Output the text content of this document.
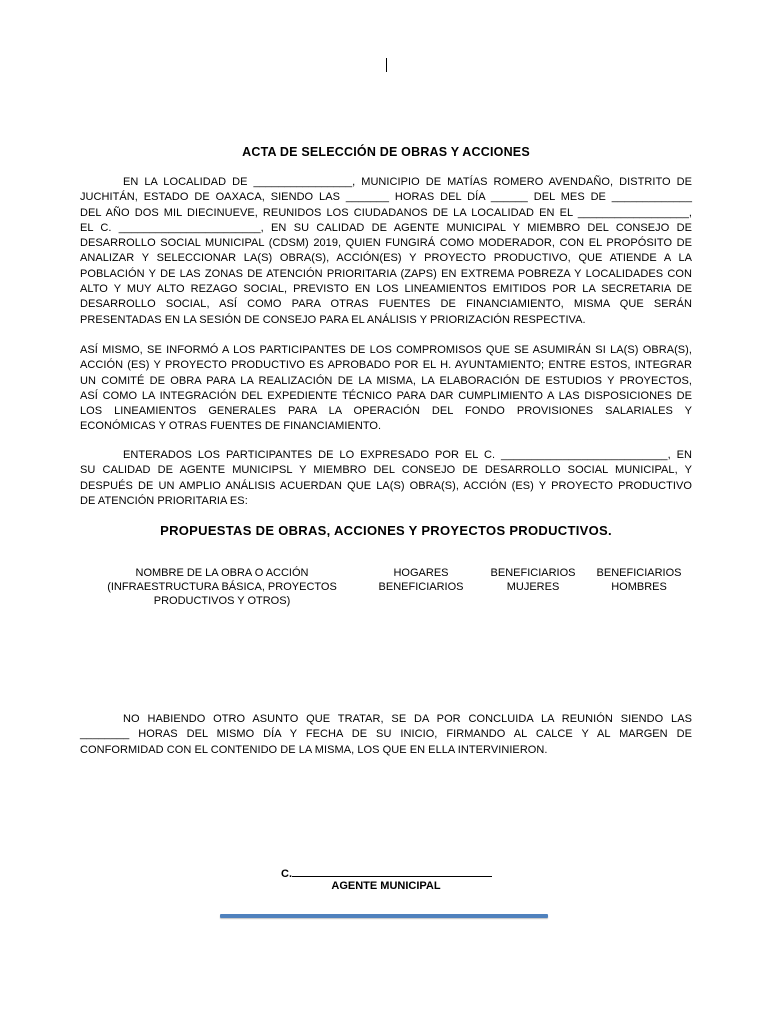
ACTA DE SELECCIÓN DE OBRAS Y ACCIONES
EN LA LOCALIDAD DE ________________, MUNICIPIO DE MATÍAS ROMERO AVENDAÑO, DISTRITO DE
JUCHITÁN, ESTADO DE OAXACA, SIENDO LAS _______ HORAS DEL DÍA ______ DEL MES DE _____________
DEL AÑO DOS MIL DIECINUEVE, REUNIDOS LOS CIUDADANOS DE LA LOCALIDAD EN EL __________________,
EL C. _______________________, EN SU CALIDAD DE AGENTE MUNICIPAL Y MIEMBRO DEL CONSEJO DE
DESARROLLO SOCIAL MUNICIPAL (CDSM) 2019, QUIEN FUNGIRÁ COMO MODERADOR, CON EL PROPÓSITO DE
ANALIZAR Y SELECCIONAR LA(S) OBRA(S), ACCIÓN(ES) Y PROYECTO PRODUCTIVO, QUE ATIENDE A LA
POBLACIÓN Y DE LAS ZONAS DE ATENCIÓN PRIORITARIA (ZAPS) EN EXTREMA POBREZA Y LOCALIDADES CON
ALTO Y MUY ALTO REZAGO SOCIAL, PREVISTO EN LOS LINEAMIENTOS EMITIDOS POR LA SECRETARIA DE
DESARROLLO SOCIAL, ASÍ COMO PARA OTRAS FUENTES DE FINANCIAMIENTO, MISMA QUE SERÁN
PRESENTADAS EN LA SESIÓN DE CONSEJO PARA EL ANÁLISIS Y PRIORIZACIÓN RESPECTIVA.
ASÍ MISMO, SE INFORMÓ A LOS PARTICIPANTES DE LOS COMPROMISOS QUE SE ASUMIRÁN SI LA(S) OBRA(S),
ACCIÓN (ES) Y PROYECTO PRODUCTIVO ES APROBADO POR EL H. AYUNTAMIENTO; ENTRE ESTOS, INTEGRAR
UN COMITÉ DE OBRA PARA LA REALIZACIÓN DE LA MISMA, LA ELABORACIÓN DE ESTUDIOS Y PROYECTOS,
ASÍ COMO LA INTEGRACIÓN DEL EXPEDIENTE TÉCNICO PARA DAR CUMPLIMIENTO A LAS DISPOSICIONES DE
LOS LINEAMIENTOS GENERALES PARA LA OPERACIÓN DEL FONDO PROVISIONES SALARIALES Y
ECONÓMICAS Y OTRAS FUENTES DE FINANCIAMIENTO.
ENTERADOS LOS PARTICIPANTES DE LO EXPRESADO POR EL C. ___________________________, EN
SU CALIDAD DE AGENTE MUNICIPSL Y MIEMBRO DEL CONSEJO DE DESARROLLO SOCIAL MUNICIPAL, Y
DESPUÉS DE UN AMPLIO ANÁLISIS ACUERDAN QUE LA(S) OBRA(S), ACCIÓN (ES) Y PROYECTO PRODUCTIVO
DE ATENCIÓN PRIORITARIA ES:
PROPUESTAS DE OBRAS, ACCIONES Y PROYECTOS PRODUCTIVOS.
NOMBRE DE LA OBRA O ACCIÓN
(INFRAESTRUCTURA BÁSICA, PROYECTOS
PRODUCTIVOS Y OTROS)
HOGARES
BENEFICIARIOS
BENEFICIARIOS
MUJERES
BENEFICIARIOS
HOMBRES
NO HABIENDO OTRO ASUNTO QUE TRATAR, SE DA POR CONCLUIDA LA REUNIÓN SIENDO LAS
________ HORAS DEL MISMO DÍA Y FECHA DE SU INICIO, FIRMANDO AL CALCE Y AL MARGEN DE
CONFORMIDAD CON EL CONTENIDO DE LA MISMA, LOS QUE EN ELLA INTERVINIERON.
C.
AGENTE MUNICIPAL
